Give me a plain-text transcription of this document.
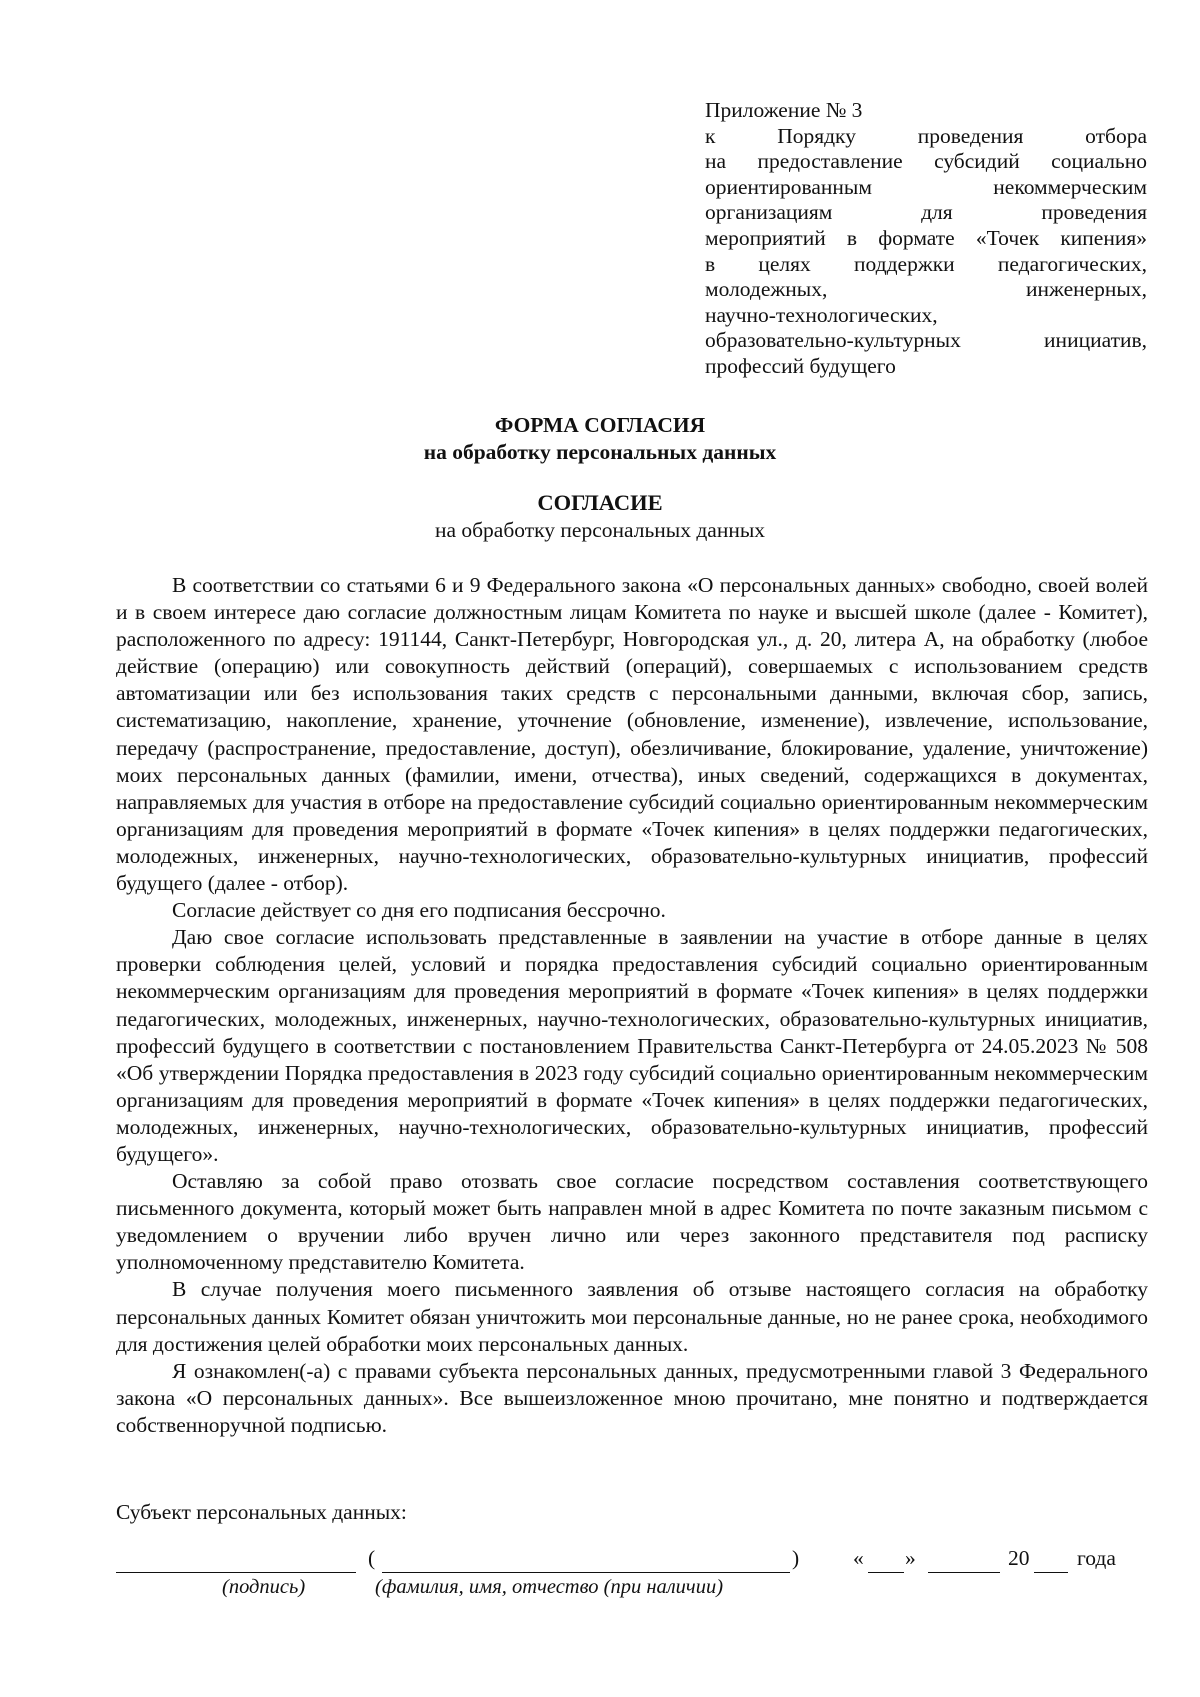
Приложение № 3
к Порядку проведения отбора
на предоставление субсидий социально
ориентированным некоммерческим
организациям для проведения
мероприятий в формате «Точек кипения»
в целях поддержки педагогических,
молодежных, инженерных,
научно-технологических,
образовательно-культурных инициатив,
профессий будущего
ФОРМА СОГЛАСИЯ
на обработку персональных данных
СОГЛАСИЕ
на обработку персональных данных

В соответствии со статьями 6 и 9 Федерального закона «О персональных данных» свободно, своей волей и в своем интересе даю согласие должностным лицам Комитета по науке и высшей школе (далее - Комитет), расположенного по адресу: 191144, Санкт-Петербург, Новгородская ул., д. 20, литера А, на обработку (любое действие (операцию) или совокупность действий (операций), совершаемых с использованием средств автоматизации или без использования таких средств с персональными данными, включая сбор, запись, систематизацию, накопление, хранение, уточнение (обновление, изменение), извлечение, использование, передачу (распространение, предоставление, доступ), обезличивание, блокирование, удаление, уничтожение) моих персональных данных (фамилии, имени, отчества), иных сведений, содержащихся в документах, направляемых для участия в отборе на предоставление субсидий социально ориентированным некоммерческим организациям для проведения мероприятий в формате «Точек кипения» в целях поддержки педагогических, молодежных, инженерных, научно-технологических, образовательно-культурных инициатив, профессий будущего (далее - отбор).

Согласие действует со дня его подписания бессрочно.

Даю свое согласие использовать представленные в заявлении на участие в отборе данные в целях проверки соблюдения целей, условий и порядка предоставления субсидий социально ориентированным некоммерческим организациям для проведения мероприятий в формате «Точек кипения» в целях поддержки педагогических, молодежных, инженерных, научно-технологических, образовательно-культурных инициатив, профессий будущего в соответствии с постановлением Правительства Санкт-Петербурга от 24.05.2023 № 508 «Об утверждении Порядка предоставления в 2023 году субсидий социально ориентированным некоммерческим организациям для проведения мероприятий в формате «Точек кипения» в целях поддержки педагогических, молодежных, инженерных, научно-технологических, образовательно-культурных инициатив, профессий будущего».

Оставляю за собой право отозвать свое согласие посредством составления соответствующего письменного документа, который может быть направлен мной в адрес Комитета по почте заказным письмом с уведомлением о вручении либо вручен лично или через законного представителя под расписку уполномоченному представителю Комитета.

В случае получения моего письменного заявления об отзыве настоящего согласия на обработку персональных данных Комитет обязан уничтожить мои персональные данные, но не ранее срока, необходимого для достижения целей обработки моих персональных данных.

Я ознакомлен(-а) с правами субъекта персональных данных, предусмотренными главой 3 Федерального закона «О персональных данных». Все вышеизложенное мною прочитано, мне понятно и подтверждается собственноручной подписью.

Субъект персональных данных:
(	)	« »	20 года
(подпись)	(фамилия, имя, отчество (при наличии)
